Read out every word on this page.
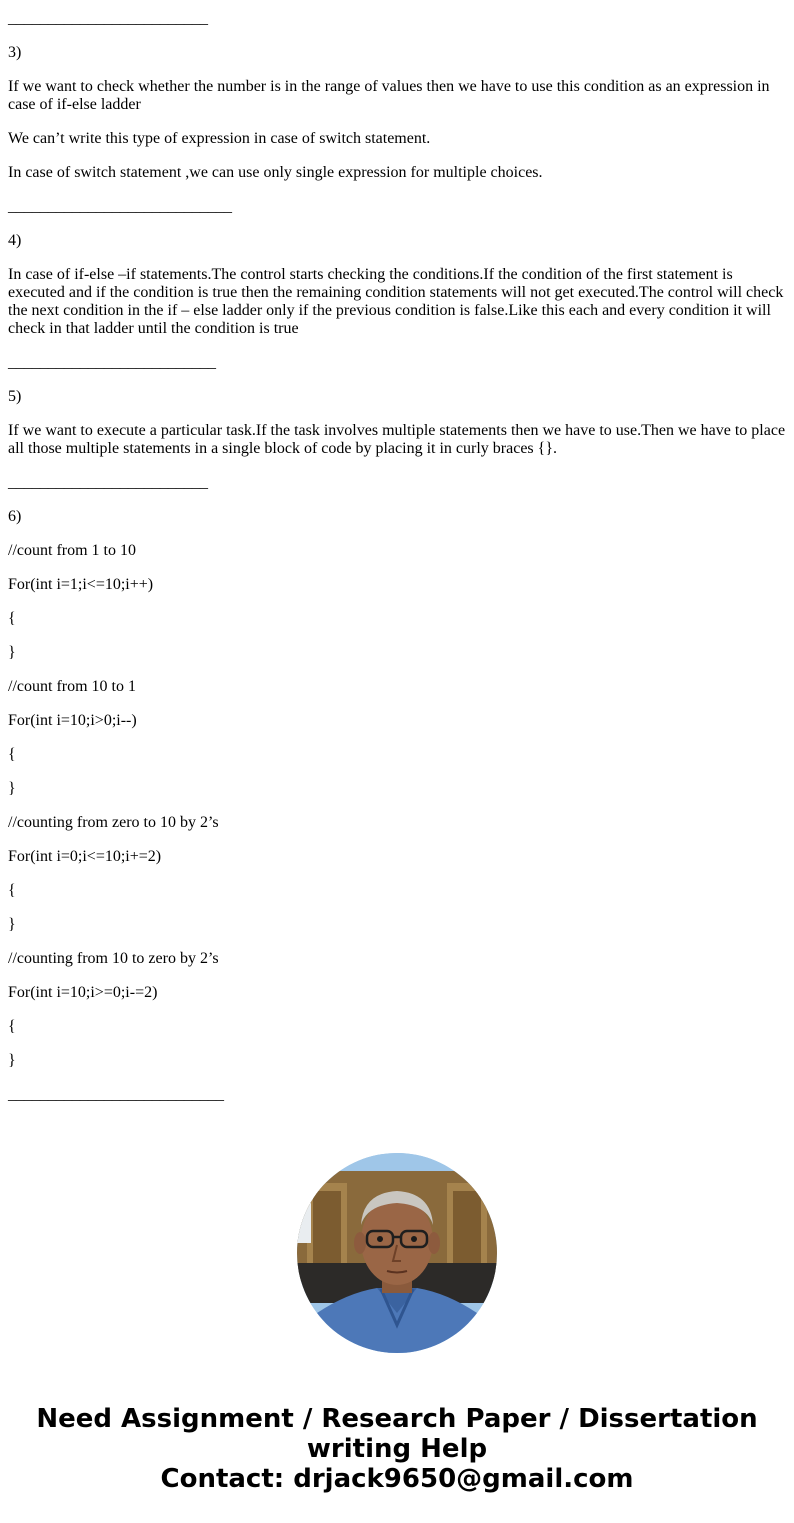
_________________________

3)

If we want to check whether the number is in the range of values then we have to use this condition as an expression in case of if-else ladder

We can’t write this type of expression in case of switch statement.

In case of switch statement ,we can use only single expression for multiple choices.

____________________________

4)

In case of if-else –if statements.The control starts checking the conditions.If the condition of the first statement is executed and if the condition is true then the remaining condition statements will not get executed.The control will check the next condition in the if – else ladder only if the previous condition is false.Like this each and every condition it will check in that ladder until the condition is true

__________________________

5)

If we want to execute a particular task.If the task involves multiple statements then we have to use.Then we have to place all those multiple statements in a single block of code by placing it in curly braces {}.

_________________________

6)

//count from 1 to 10

For(int i=1;i<=10;i++)

{

}

//count from 10 to 1

For(int i=10;i>0;i--)

{

}

//counting from zero to 10 by 2’s

For(int i=0;i<=10;i+=2)

{

}

//counting from 10 to zero by 2’s

For(int i=10;i>=0;i-=2)

{

}

___________________________
Need Assignment / Research Paper / Dissertation
writing Help
Contact: drjack9650@gmail.com
